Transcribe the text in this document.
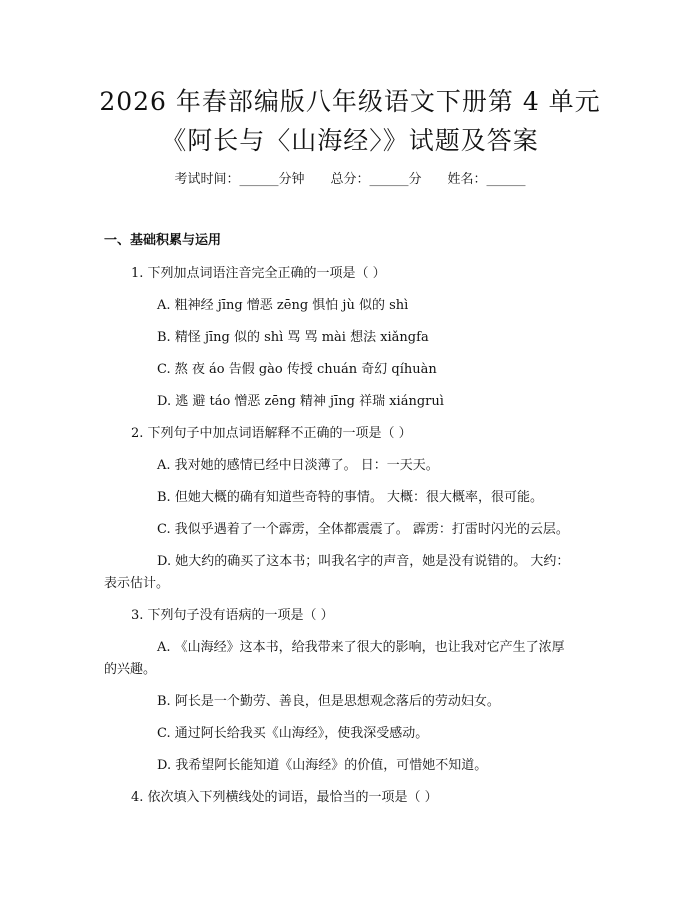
2026 年春部编版八年级语文下册第 4 单元
《阿长与〈山海经〉》试题及答案
考试时间：______分钟 总分：______分 姓名：______
一、基础积累与运用
1. 下列加点词语注音完全正确的一项是（ ）
A. 粗神经 jīng 憎恶 zēng 惧怕 jù 似的 shì
B. 精怪 jīng 似的 shì 骂 骂 mài 想法 xiǎngfa
C. 熬 夜 áo 告假 gào 传授 chuán 奇幻 qíhuàn
D. 逃 避 táo 憎恶 zēng 精神 jīng 祥瑞 xiángruì
2. 下列句子中加点词语解释不正确的一项是（ ）
A. 我对她的感情已经中日淡薄了。 日：一天天。
B. 但她大概的确有知道些奇特的事情。 大概：很大概率，很可能。
C. 我似乎遇着了一个霹雳，全体都震震了。 霹雳：打雷时闪光的云层。
D. 她大约的确买了这本书；叫我名字的声音，她是没有说错的。 大约：
表示估计。
3. 下列句子没有语病的一项是（ ）
A. 《山海经》这本书，给我带来了很大的影响，也让我对它产生了浓厚
的兴趣。
B. 阿长是一个勤劳、善良，但是思想观念落后的劳动妇女。
C. 通过阿长给我买《山海经》，使我深受感动。
D. 我希望阿长能知道《山海经》的价值，可惜她不知道。
4. 依次填入下列横线处的词语，最恰当的一项是（ ）
